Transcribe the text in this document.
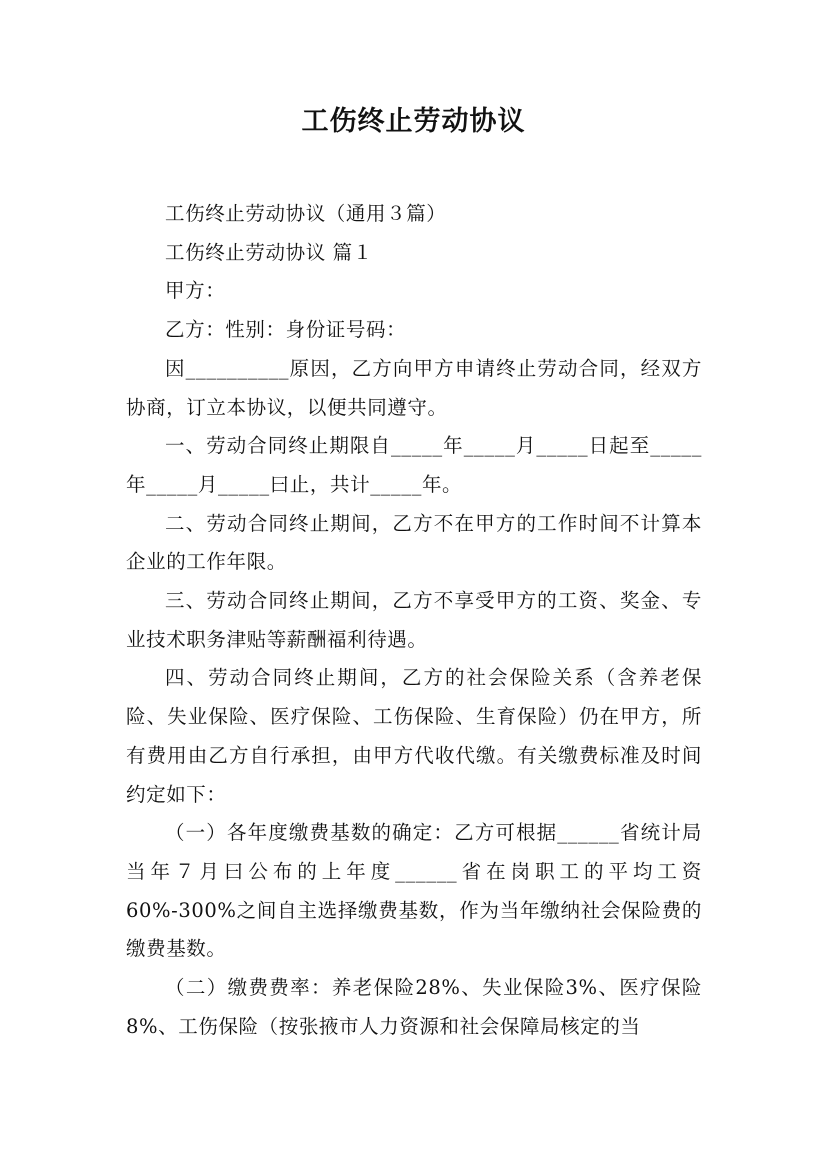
工伤终止劳动协议

工伤终止劳动协议（通用３篇）

工伤终止劳动协议 篇１

甲方：

乙方：性别：身份证号码：

因__________原因，乙方向甲方申请终止劳动合同，经双方协商，订立本协议，以便共同遵守。

一、劳动合同终止期限自_____年_____月_____日起至_____年_____月_____曰止，共计_____年。

二、劳动合同终止期间，乙方不在甲方的工作时间不计算本企业的工作年限。

三、劳动合同终止期间，乙方不享受甲方的工资、奖金、专业技术职务津贴等薪酬福利待遇。

四、劳动合同终止期间，乙方的社会保险关系（含养老保险、失业保险、医疗保险、工伤保险、生育保险）仍在甲方，所有费用由乙方自行承担，由甲方代收代缴。有关缴费标准及时间约定如下：

（一）各年度缴费基数的确定：乙方可根据______省统计局当年７月曰公布的上年度______省在岗职工的平均工资60%-300%之间自主选择缴费基数，作为当年缴纳社会保险费的缴费基数。

（二）缴费费率：养老保险28%、失业保险3%、医疗保险8%、工伤保险（按张掖市人力资源和社会保障局核定的当
